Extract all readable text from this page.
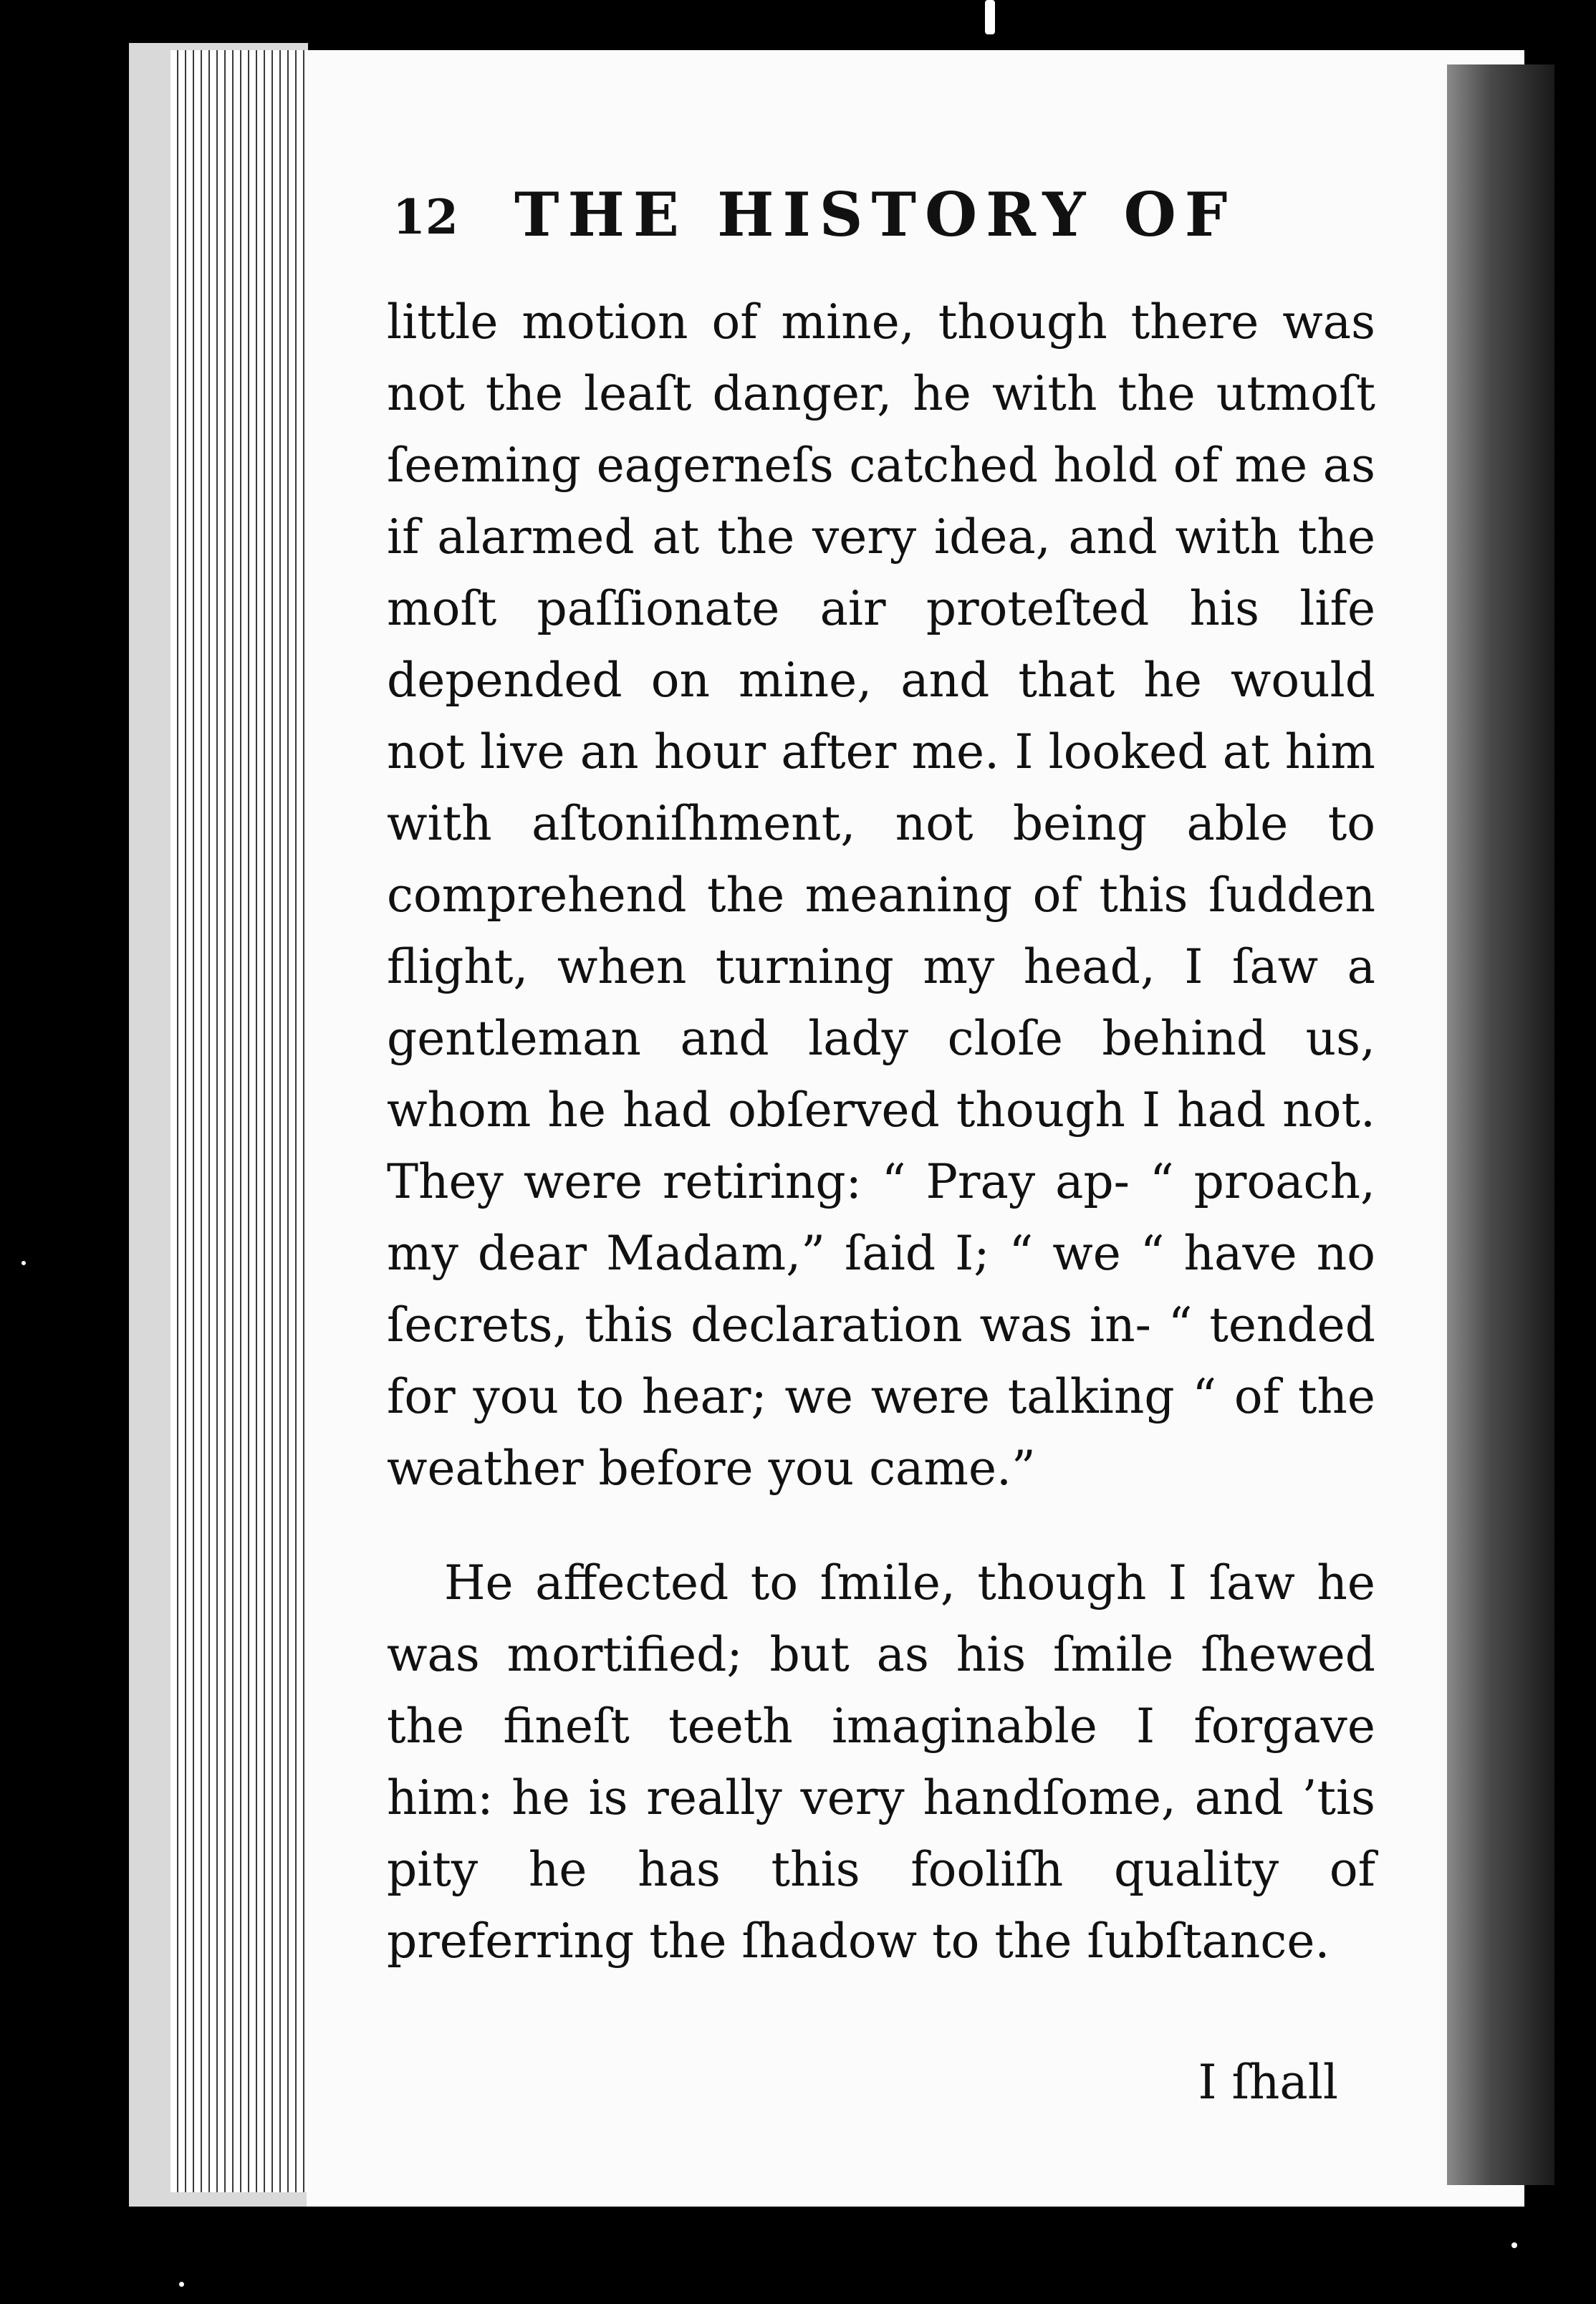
12 THE HISTORY OF

little motion of mine, though there was not the leaſt danger, he with the utmoſt ſeeming eagerneſs catched hold of me as if alarmed at the very idea, and with the moſt paſſionate air proteſted his life depended on mine, and that he would not live an hour after me. I looked at him with aſtoniſhment, not being able to comprehend the meaning of this ſudden flight, when turning my head, I ſaw a gentleman and lady cloſe behind us, whom he had obſerved though I had not. They were retiring: “ Pray ap- “ proach, my dear Madam,” ſaid I; “ we “ have no ſecrets, this declaration was in- “ tended for you to hear; we were talking “ of the weather before you came.”

He affected to ſmile, though I ſaw he was mortified; but as his ſmile ſhewed the fineſt teeth imaginable I forgave him: he is really very handſome, and ’tis pity he has this fooliſh quality of preferring the ſhadow to the ſubſtance.

I ſhall
